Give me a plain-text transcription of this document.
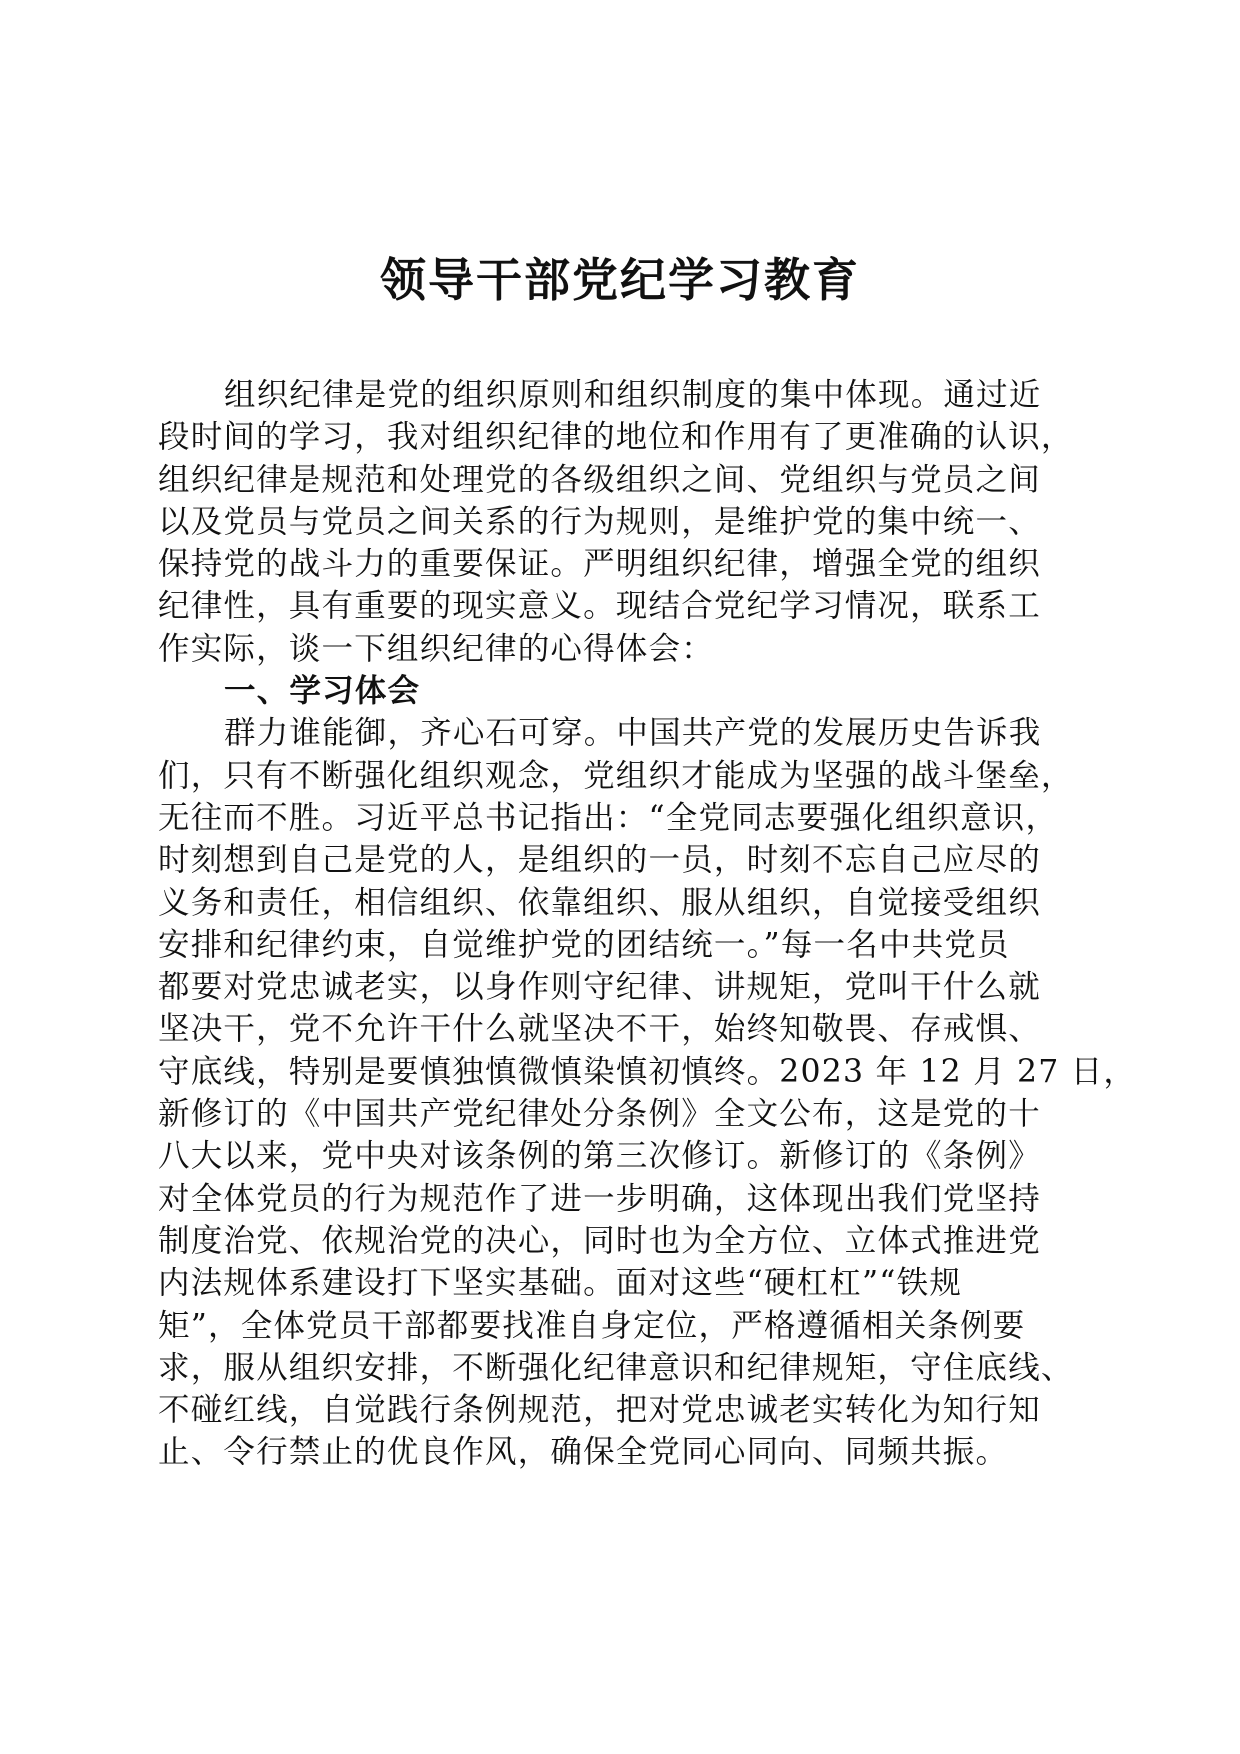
领导干部党纪学习教育
组织纪律是党的组织原则和组织制度的集中体现。通过近
段时间的学习，我对组织纪律的地位和作用有了更准确的认识，
组织纪律是规范和处理党的各级组织之间、党组织与党员之间
以及党员与党员之间关系的行为规则，是维护党的集中统一、
保持党的战斗力的重要保证。严明组织纪律，增强全党的组织
纪律性，具有重要的现实意义。现结合党纪学习情况，联系工
作实际，谈一下组织纪律的心得体会：
一、学习体会
群力谁能御，齐心石可穿。中国共产党的发展历史告诉我
们，只有不断强化组织观念，党组织才能成为坚强的战斗堡垒，
无往而不胜。习近平总书记指出：“全党同志要强化组织意识，
时刻想到自己是党的人，是组织的一员，时刻不忘自己应尽的
义务和责任，相信组织、依靠组织、服从组织，自觉接受组织
安排和纪律约束，自觉维护党的团结统一。”每一名中共党员
都要对党忠诚老实，以身作则守纪律、讲规矩，党叫干什么就
坚决干，党不允许干什么就坚决不干，始终知敬畏、存戒惧、
守底线，特别是要慎独慎微慎染慎初慎终。2023 年 12 月 27 日，
新修订的《中国共产党纪律处分条例》全文公布，这是党的十
八大以来，党中央对该条例的第三次修订。新修订的《条例》
对全体党员的行为规范作了进一步明确，这体现出我们党坚持
制度治党、依规治党的决心，同时也为全方位、立体式推进党
内法规体系建设打下坚实基础。面对这些“硬杠杠”“铁规
矩”，全体党员干部都要找准自身定位，严格遵循相关条例要
求，服从组织安排，不断强化纪律意识和纪律规矩，守住底线、
不碰红线，自觉践行条例规范，把对党忠诚老实转化为知行知
止、令行禁止的优良作风，确保全党同心同向、同频共振。
